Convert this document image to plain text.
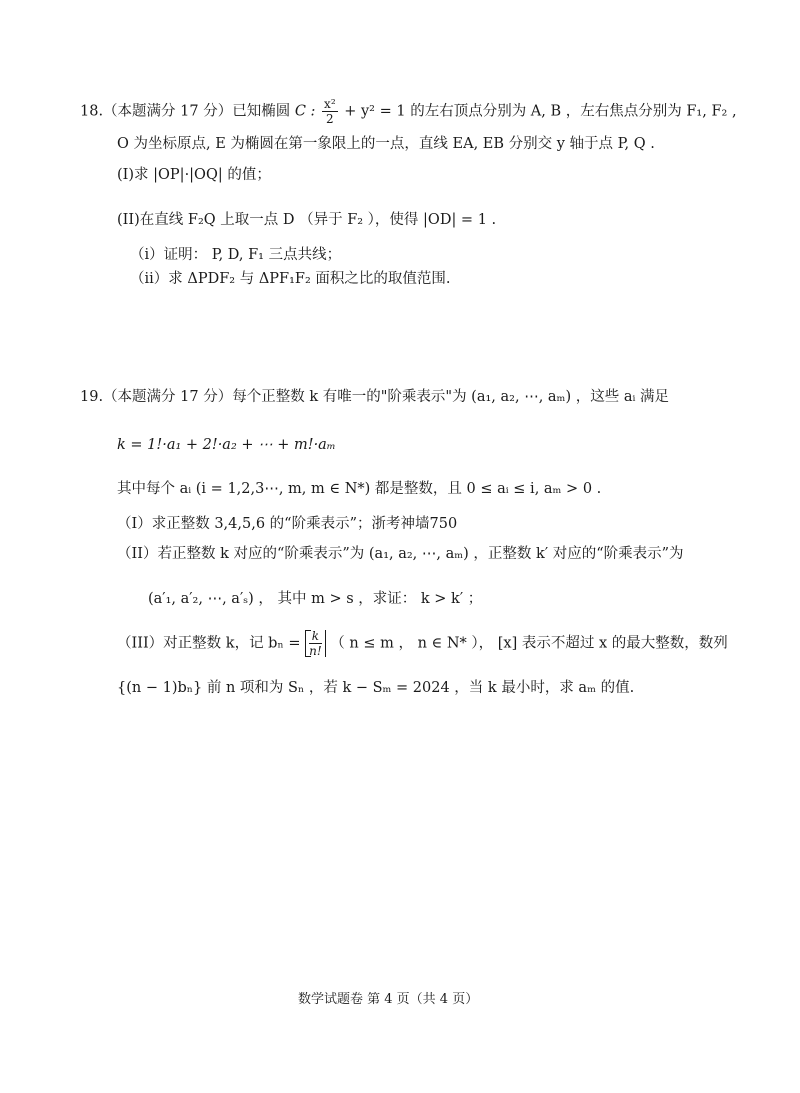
18.（本题满分 17 分）已知椭圆 C : $\frac{\text{x²}}{2} + y^2 = 1$ 的左右顶点分别为 A, B ，左右焦点分别为 F₁, F₂ ,
O 为坐标原点, E 为椭圆在第一象限上的一点，直线 EA, EB 分别交 y 轴于点 P, Q .
(I)求 |OP|·|OQ| 的值；
(II)在直线 F₂Q 上取一点 D （异于 F₂ ），使得 |OD| = 1 .
（i）证明： P, D, F₁ 三点共线；
（ii）求 ΔPDF₂ 与 ΔPF₁F₂ 面积之比的取值范围.
19.（本题满分 17 分）每个正整数 k 有唯一的"阶乘表示"为 (a₁, a₂, ⋯, aₘ) ，这些 aᵢ 满足
k = 1!·a₁ + 2!·a₂ + ⋯ + m!·aₘ
其中每个 aᵢ (i = 1,2,3⋯, m, m ∈ N*) 都是整数，且 0 ≤ aᵢ ≤ i, aₘ > 0 .
（I）求正整数 3,4,5,6 的“阶乘表示”；浙考神墙750
（II）若正整数 k 对应的“阶乘表示”为 (a₁, a₂, ⋯, aₘ) ，正整数 k′ 对应的“阶乘表示”为
(a′₁, a′₂, ⋯, a′ₛ) ， 其中 m > s ，求证： k > k′ ；
（III）对正整数 k，记 $b_n = \frac{k}{n!}$ （ n ≤ m ， n ∈ N* ）， [x] 表示不超过 x 的最大整数，数列
{(n − 1)bₙ} 前 n 项和为 Sₙ ，若 k − Sₘ = 2024 ，当 k 最小时，求 aₘ 的值.
数学试题卷 第 4 页（共 4 页）
